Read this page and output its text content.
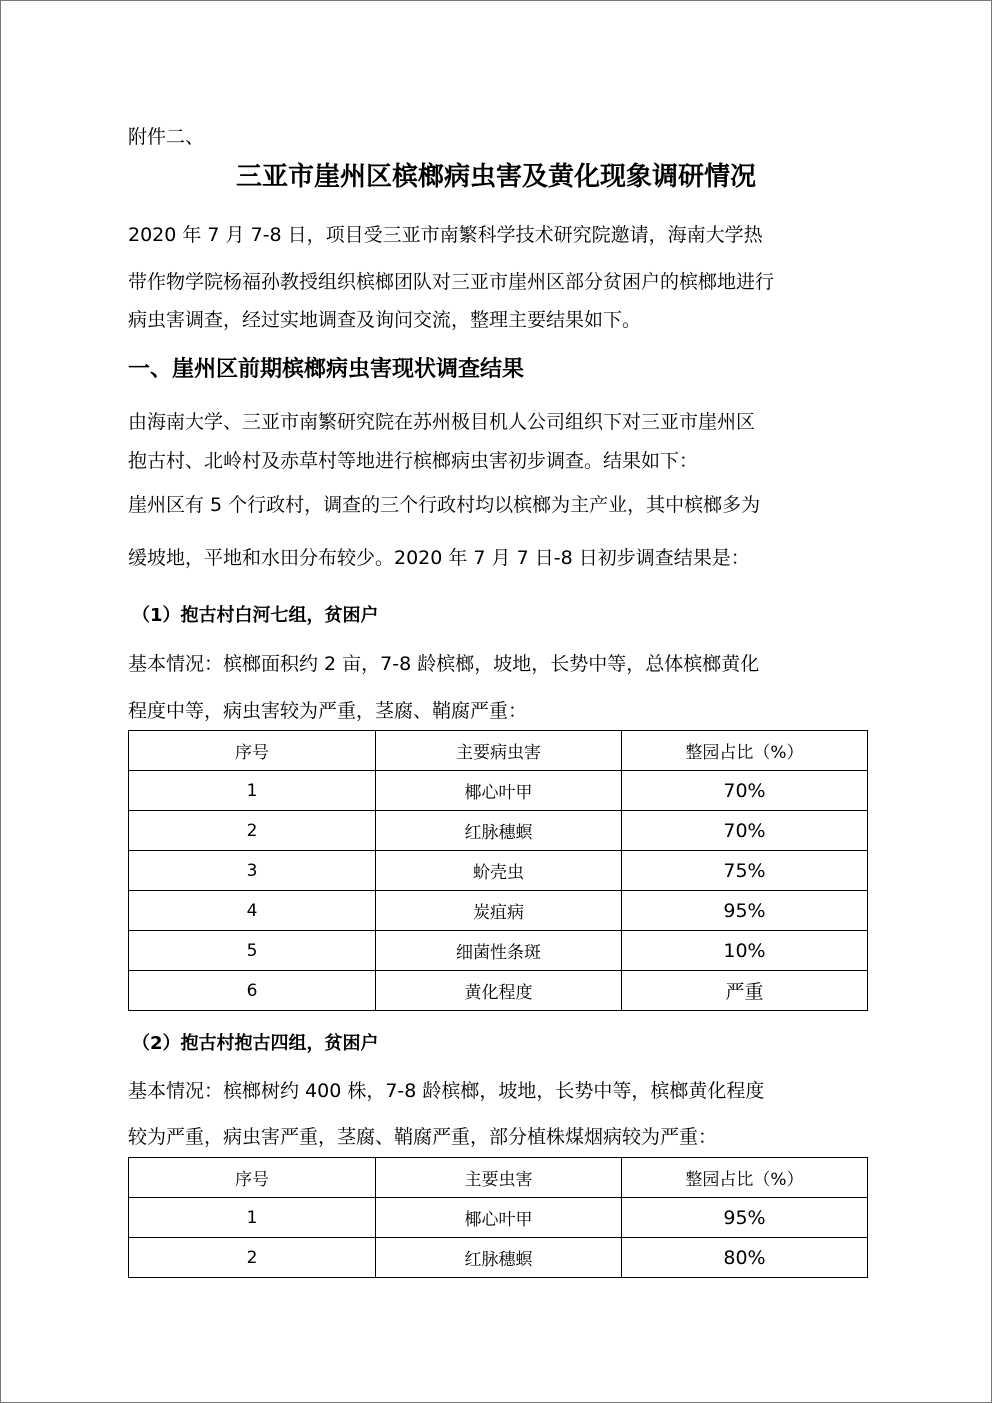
附件二、
三亚市崖州区槟榔病虫害及黄化现象调研情况
2020 年 7 月 7-8 日，项目受三亚市南繁科学技术研究院邀请，海南大学热
带作物学院杨福孙教授组织槟榔团队对三亚市崖州区部分贫困户的槟榔地进行
病虫害调查，经过实地调查及询问交流，整理主要结果如下。
一、崖州区前期槟榔病虫害现状调查结果
由海南大学、三亚市南繁研究院在苏州极目机人公司组织下对三亚市崖州区
抱古村、北岭村及赤草村等地进行槟榔病虫害初步调查。结果如下：
崖州区有 5 个行政村，调查的三个行政村均以槟榔为主产业，其中槟榔多为
缓坡地，平地和水田分布较少。2020 年 7 月 7 日-8 日初步调查结果是：
（1）抱古村白河七组，贫困户
基本情况：槟榔面积约 2 亩，7-8 龄槟榔，坡地，长势中等，总体槟榔黄化
程度中等，病虫害较为严重，茎腐、鞘腐严重：
序号	主要病虫害	整园占比（%）
1	椰心叶甲	70%
2	红脉穗螟	70%
3	蚧壳虫	75%
4	炭疽病	95%
5	细菌性条斑	10%
6	黄化程度	严重
（2）抱古村抱古四组，贫困户
基本情况：槟榔树约 400 株，7-8 龄槟榔，坡地，长势中等，槟榔黄化程度
较为严重，病虫害严重，茎腐、鞘腐严重，部分植株煤烟病较为严重：
序号	主要虫害	整园占比（%）
1	椰心叶甲	95%
2	红脉穗螟	80%
